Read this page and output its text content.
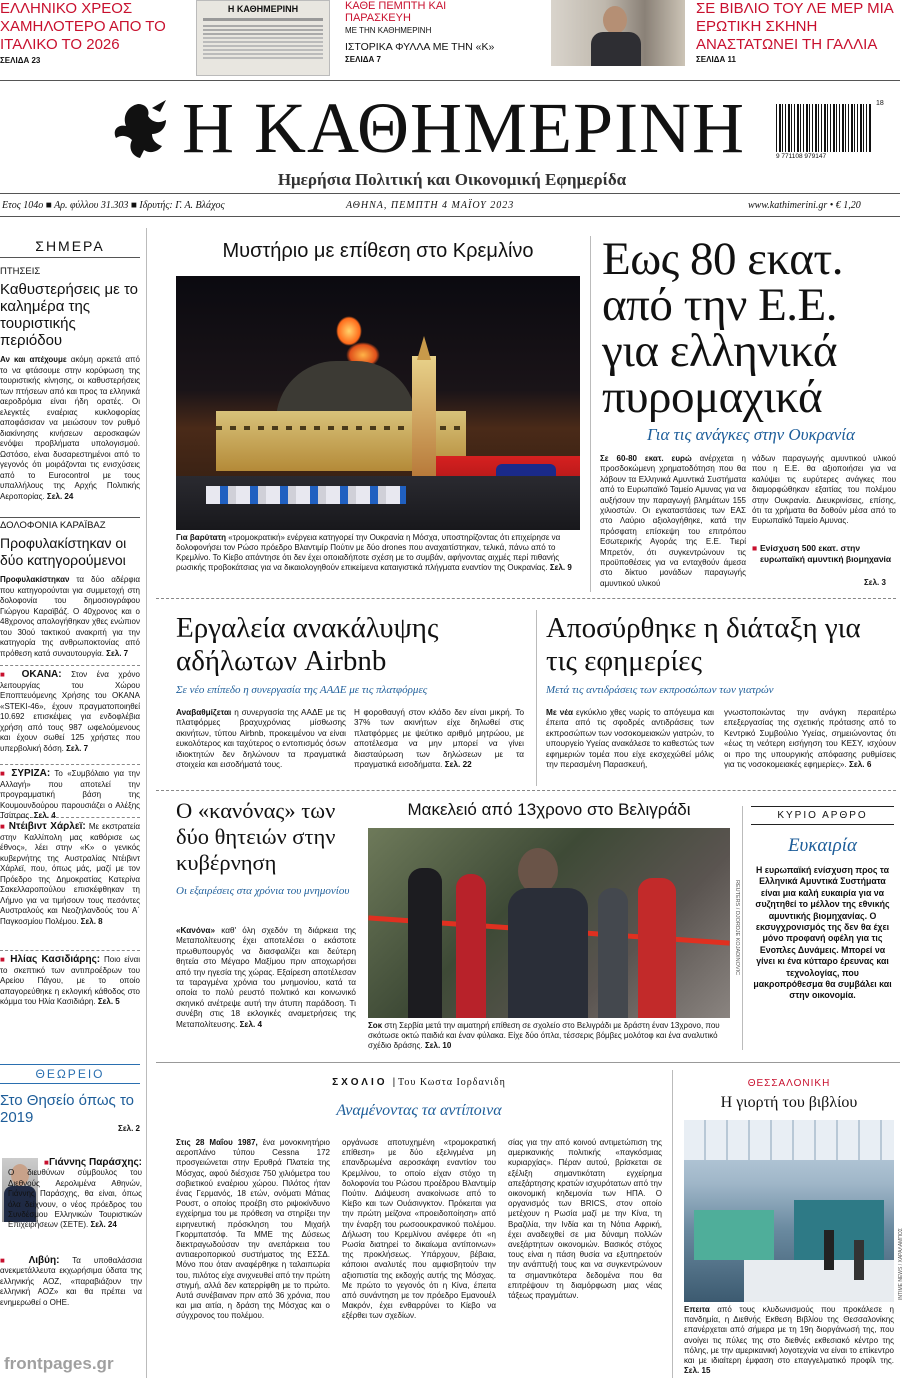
ΕΛΛΗΝΙΚΟ ΧΡΕΟΣ ΧΑΜΗΛΟΤΕΡΟ ΑΠΟ ΤΟ ΙΤΑΛΙΚΟ ΤΟ 2026
ΣΕΛΙΔΑ 23
Η ΚΑΘΗΜΕΡΙΝΗ	ΚΑΘΕ ΠΕΜΠΤΗ ΚΑΙ ΠΑΡΑΣΚΕΥΗ
ΜΕ ΤΗΝ ΚΑΘΗΜΕΡΙΝΗ
ΙΣΤΟΡΙΚΑ ΦΥΛΛΑ ΜΕ ΤΗΝ «Κ»
ΣΕΛΙΔΑ 7
ΣΕ ΒΙΒΛΙΟ ΤΟΥ ΛΕ ΜΕΡ ΜΙΑ ΕΡΩΤΙΚΗ ΣΚΗΝΗ ΑΝΑΣΤΑΤΩΝΕΙ ΤΗ ΓΑΛΛΙΑ
ΣΕΛΙΔΑ 11
Η ΚΑΘΗΜΕΡΙΝΗ
Ημερήσια Πολιτική και Οικονομική Εφημερίδα
18
9 771108 979147
Ετος 104ο ■ Αρ. φύλλου 31.303 ■ Ιδρυτής: Γ. Α. Βλάχος	ΑΘΗΝΑ, ΠΕΜΠΤΗ 4 ΜΑΪΟΥ 2023	www.kathimerini.gr • € 1,20
ΣΗΜΕΡΑ
ΠΤΗΣΕΙΣ
Καθυστερήσεις με το καλημέρα της τουριστικής περιόδου
Αν και απέχουμε ακόμη αρκετά από το να φτάσουμε στην κορύφωση της τουριστικής κίνησης, οι καθυστερήσεις των πτήσεων από και προς τα ελληνικά αεροδρόμια είναι ήδη ορατές. Οι ελεγκτές εναέριας κυκλοφορίας αποφάσισαν να μειώσουν τον ρυθμό διακίνησης κινήσεων αεροσκαφών ενόψει προβλήματα υπολογισμού. Ωστόσο, είναι δυσαρεστημένοι από το γεγονός ότι μοιράζονται τις ενισχύσεις από το Eurocontrol με τους υπαλλήλους της Αρχής Πολιτικής Αεροπορίας. Σελ. 24
ΔΟΛΟΦΟΝΙΑ ΚΑΡΑΪΒΑΖ
Προφυλακίστηκαν οι δύο κατηγορούμενοι
Προφυλακίστηκαν τα δύο αδέρφια που κατηγορούνται για συμμετοχή στη δολοφονία του δημοσιογράφου Γιώργου Καραϊβάζ. Ο 40χρονος και ο 48χρονος απολογήθηκαν χθες ενώπιον του 30ού τακτικού ανακριτή για την κατηγορία της ανθρωποκτονίας από πρόθεση κατά συναυτουργία. Σελ. 7
■ ΟΚΑΝΑ: Στον ένα χρόνο λειτουργίας του Χώρου Εποπτευόμενης Χρήσης του ΟΚΑΝΑ «STEKI-46», έχουν πραγματοποιηθεί 10.692 επισκέψεις για ενδοφλέβια χρήση από τους 987 ωφελούμενους και έχουν σωθεί 125 χρήστες που υπερβολική δόση. Σελ. 7
■ ΣΥΡΙΖΑ: Το «Συμβόλαιο για την Αλλαγή» που αποτελεί την προγραμματική βάση της Κουμουνδούρου παρουσιάζει ο Αλέξης Τσίπρας. Σελ. 4
■ Ντέιβιντ Χάρλεϊ: Με εκστρατεία στην Καλλίπολη μας καθόρισε ως έθνος», λέει στην «Κ» ο γενικός κυβερνήτης της Αυστραλίας Ντέιβιντ Χάρλεϊ, που, όπως μάς, μαζί με τον Πρόεδρο της Δημοκρατίας Κατερίνα Σακελλαροπούλου επισκέφθηκαν τη Λήμνο για να τιμήσουν τους πεσόντες Αυστραλούς και Νεοζηλανδούς του Α΄ Παγκοσμίου Πολέμου. Σελ. 8
■ Ηλίας Κασιδιάρης: Ποιο είναι το σκεπτικό των αντιπροέδρων του Αρείου Πάγου, με το οποίο απαγορεύθηκε η εκλογική κάθοδος στο κόμμα του Ηλία Κασιδιάρη. Σελ. 5
ΘΕΩΡΕΙΟ
Στο Θησείο όπως το 2019
Σελ. 2
■Γιάννης Παράσχης: Ο διευθύνων σύμβουλος του Διεθνούς Αερολιμένα Αθηνών, Γιάννης Παράσχης, θα είναι, όπως όλα δείχνουν, ο νέος πρόεδρος του Συνδέσμου Ελληνικών Τουριστικών Επιχειρήσεων (ΣΕΤΕ). Σελ. 24
■ Λιβύη: Τα υποθαλάσσια ανεκμετάλλευτα εκχωρήσιμα ύδατα της ελληνικής ΑΟΖ, «παραβιάζουν την ελληνική ΑΟΖ» και θα πρέπει να ενημερωθεί ο ΟΗΕ.
Μυστήριο με επίθεση στο Κρεμλίνο
Για βαρύτατη «τρομοκρατική» ενέργεια κατηγορεί την Ουκρανία η Μόσχα, υποστηρίζοντας ότι επιχείρησε να δολοφονήσει τον Ρώσο πρόεδρο Βλαντιμίρ Πούτιν με δύο drones που αναχαιτίστηκαν, τελικά, πάνω από το Κρεμλίνο. Το Κίεβο απάντησε ότι δεν έχει οποιαδήποτε σχέση με το συμβάν, αφήνοντας αιχμές περί πιθανής ρωσικής προβοκάτσιας για να δικαιολογηθούν επικείμενα καταιγιστικά πλήγματα εναντίον της Ουκρανίας. Σελ. 9
Εως 80 εκατ. από την Ε.Ε. για ελληνικά πυρομαχικά
Για τις ανάγκες στην Ουκρανία
Σε 60-80 εκατ. ευρώ ανέρχεται η προσδοκώμενη χρηματοδότηση που θα λάβουν τα Ελληνικά Αμυντικά Συστήματα από το Ευρωπαϊκό Ταμείο Αμυνας για να αυξήσουν την παραγωγή βλημάτων 155 χιλιοστών. Οι εγκαταστάσεις των ΕΑΣ στο Λαύριο αξιολογήθηκε, κατά την πρόσφατη επίσκεψη του επιτρόπου Εσωτερικής Αγοράς της Ε.Ε. Τιερί Μπρετόν, ότι συγκεντρώνουν τις προϋποθέσεις για να ενταχθούν άμεσα στο δίκτυο μονάδων παραγωγής αμυντικού υλικού
νάδων παραγωγής αμυντικού υλικού που η Ε.Ε. θα αξιοποιήσει για να καλύψει τις ευρύτερες ανάγκες που διαμορφώθηκαν εξαιτίας του πολέμου στην Ουκρανία. Διευκρινίσεις, επίσης, ότι τα χρήματα θα δοθούν μέσα από το Ευρωπαϊκό Ταμείο Αμυνας.
■ Ενίσχυση 500 εκατ. στην ευρωπαϊκή αμυντική βιομηχανία
Σελ. 3
Εργαλεία ανακάλυψης αδήλωτων Airbnb
Σε νέο επίπεδο η συνεργασία της ΑΑΔΕ με τις πλατφόρμες
Αναβαθμίζεται η συνεργασία της ΑΑΔΕ με τις πλατφόρμες βραχυχρόνιας μίσθωσης ακινήτων, τύπου Airbnb, προκειμένου να είναι ευκολότερος και ταχύτερος ο εντοπισμός όσων ιδιοκτητών δεν δηλώνουν τα πραγματικά στοιχεία και εισοδήματά τους.
Η φοροθαυγή στον κλάδο δεν είναι μικρή. Το 37% των ακινήτων είχε δηλωθεί στις πλατφόρμες με ψεύτικο αριθμό μητρώου, με αποτέλεσμα να μην μπορεί να γίνει διασταύρωση των δηλώσεων με τα πραγματικά εισοδήματα. Σελ. 22
Αποσύρθηκε η διάταξη για τις εφημερίες
Μετά τις αντιδράσεις των εκπροσώπων των γιατρών
Με νέα εγκύκλιο χθες νωρίς το απόγευμα και έπειτα από τις σφοδρές αντιδράσεις των εκπροσώπων των νοσοκομειακών γιατρών, το υπουργείο Υγείας ανακάλεσε το καθεστώς των εφημεριών τομέα που είχε εκσχεχώθεί μόλις την περασμένη Παρασκευή,
γνωστοποιώντας την ανάγκη περαιτέρω επεξεργασίας της σχετικής πρότασης από το Κεντρικό Συμβούλιο Υγείας, σημειώνοντας ότι «έως τη νεότερη εισήγηση του ΚΕΣΥ, ισχύουν οι προ της υπουργικής απόφασης ρυθμίσεις για τις νοσοκομειακές εφημερίες». Σελ. 6
Ο «κανόνας» των δύο θητειών στην κυβέρνηση
Οι εξαιρέσεις στα χρόνια του μνημονίου
«Κανόνα» καθ' όλη σχεδόν τη διάρκεια της Μεταπολίτευσης έχει αποτελέσει ο εκάστοτε πρωθυπουργός να διασφαλίζει και δεύτερη θητεία στο Μέγαρο Μαξίμου πριν αποχωρήσει από την ηγεσία της χώρας. Εξαίρεση αποτέλεσαν τα ταραγμένα χρόνια του μνημονίου, κατά τα οποία το πολύ ρευστό πολιτικό και κοινωνικό σκηνικό ανέτρεψε αυτή την άτυπη παράδοση. Τι συνέβη στις 18 εκλογικές αναμετρήσεις της Μεταπολίτευσης. Σελ. 4
Μακελειό από 13χρονο στο Βελιγράδι
REUTERS / DJORDJE KOJADINOVIC
Σοκ στη Σερβία μετά την αιματηρή επίθεση σε σχολείο στο Βελιγράδι με δράστη έναν 13χρονο, που σκότωσε οκτώ παιδιά και έναν φύλακα. Είχε δύο όπλα, τέσσερις βόμβες μολότοφ και ένα αναλυτικό σχέδιο δράσης. Σελ. 10
ΚΥΡΙΟ ΑΡΘΡΟ
Ευκαιρία
Η ευρωπαϊκή ενίσχυση προς τα Ελληνικά Αμυντικά Συστήματα είναι μια καλή ευκαιρία για να συζητηθεί το μέλλον της εθνικής αμυντικής βιομηχανίας. Ο εκσυγχρονισμός της δεν θα έχει μόνο προφανή οφέλη για τις Ενοπλες Δυνάμεις. Μπορεί να γίνει κι ένα κύτταρο έρευνας και τεχνολογίας, που μακροπρόθεσμα θα συμβάλει και στην οικονομία.
ΣΧΟΛΙΟ | Του Κωστα Ιορδανιδη
Αναμένοντας τα αντίποινα
Στις 28 Μαΐου 1987, ένα μονοκινητήριο αεροπλάνο τύπου Cessna 172 προσγειώνεται στην Ερυθρά Πλατεία της Μόσχας, αφού διέσχισε 750 χιλιόμετρα του σοβιετικού εναέριου χώρου. Πιλότος ήταν ένας Γερμανός, 18 ετών, ονόματι Μάτιας Ρουστ, ο οποίος προέβη στο ριψοκίνδυνο εγχείρημα του με πρόθεση να στηρίξει την ειρηνευτική πρόσκληση του Μιχαήλ Γκορμπατσόφ. Τα ΜΜΕ της Δύσεως διεκτραγωδούσαν την ανεπάρκεια του αντιαεροπορικού συστήματος της ΕΣΣΔ. Μόνο που όταν αναφέρθηκε η ταλαιπωρία του, πιλότος είχε ανιχνευθεί από την πρώτη στιγμή, αλλά δεν κατερρίφθη με το πρώτο. Αυτά συνέβαιναν πριν από 36 χρόνια, που και μια αιτία, η δράση της Μόσχας και ο σύγχρονος του πολέμου.
οργάνωσε αποτυχημένη «τρομοκρατική επίθεση» με δύο εξελιγμένα μη επανδρωμένα αεροσκάφη εναντίον του Κρεμλίνου, το οποίο είχαν στόχο τη δολοφονία του Ρώσου προέδρου Βλαντιμίρ Πούτιν. Διάψευση ανακοίνωσε από το Κίεβο και των Ουάσινγκτον. Πρόκειται για την πρώτη μείζονα «προειδοποίηση» από την έναρξη του ρωσοουκρανικού πολέμου. Δήλωση του Κρεμλίνου ανέφερε ότι «η Ρωσία διατηρεί το δικαίωμα αντίποινων» της προκλήσεως. Υπάρχουν, βέβαια, κάποιοι αναλυτές που αμφισβητούν την αξιοπιστία της εκδοχής αυτής της Μόσχας. Με πρώτο το γεγονός ότι η Κίνα, έπειτα από συνάντηση με τον πρόεδρο Εμανουέλ Μακρόν, έχει ενθαρρύνει το Κίεβο να εξέρθει των σχεδίων.
σίας για την από κοινού αντιμετώπιση της αμερικανικής πολιτικής «παγκόσμιας κυριαρχίας». Πέραν αυτού, βρίσκεται σε εξέλιξη σημαντικότατη εγχείρημα απεξάρτησης κρατών ισχυρότατων από την οικονομική κηδεμονία των ΗΠΑ. Ο οργανισμός των BRICS, στον οποίο μετέχουν η Ρωσία μαζί με την Κίνα, τη Βραζιλία, την Ινδία και τη Νότια Αφρική, έχει αναδειχθεί σε μια δύναμη πολλών ανεξάρτητων οικονομιών. Βασικός στόχος τους είναι η πάση θυσία να εξυπηρετούν την ανάπτυξή τους και να συγκεντρώνουν τα σημαντικότερα δεδομένα που θα επιτρέψουν τη διαμόρφωση μιας νέας τάξεως πραγμάτων.
ΘΕΣΣΑΛΟΝΙΚΗ
Η γιορτή του βιβλίου
INTIME NEWS / ΧΑΡΑΛΑΜΠΟΣ
Επειτα από τους κλυδωνισμούς που προκάλεσε η πανδημία, η Διεθνής Εκθεση Βιβλίου της Θεσσαλονίκης επανέρχεται από σήμερα με τη 19η διοργάνωσή της, που ανοίγει τις πύλες της στο διεθνές εκθεσιακό κέντρο της πόλης, με την αμερικανική λογοτεχνία να είναι το επίκεντρο και με ιδιαίτερη έμφαση στο επαγγελματικό προφίλ της. Σελ. 15
frontpages.gr
